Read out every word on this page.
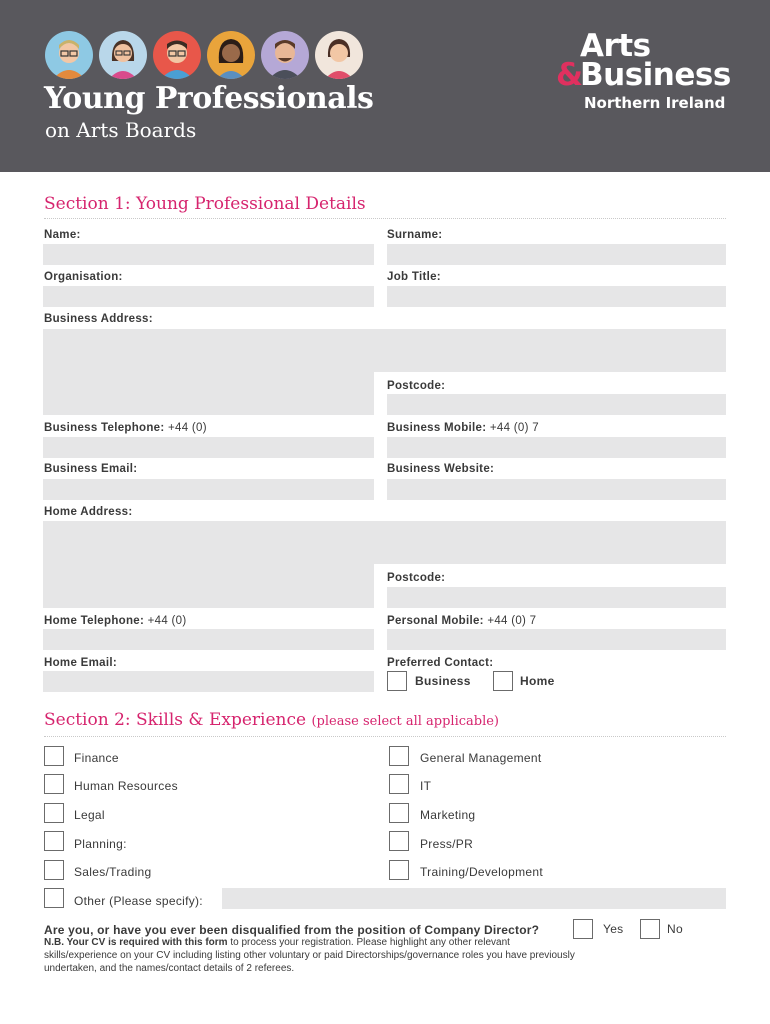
Young Professionals
on Arts Boards
Arts
&
Business
Northern Ireland
Section 1: Young Professional Details
Name:	Surname:
Organisation:	Job Title:
Business Address:
Postcode:
Business Telephone: +44 (0)	Business Mobile: +44 (0) 7
Business Email:	Business Website:
Home Address:
Postcode:
Home Telephone: +44 (0)	Personal Mobile: +44 (0) 7
Home Email:	Preferred Contact:
Business	Home
Section 2: Skills & Experience (please select all applicable)
Finance
Human Resources
Legal
Planning:
Sales/Trading
General Management
IT
Marketing
Press/PR
Training/Development
Other (Please specify):
Are you, or have you ever been disqualified from the position of Company Director?	Yes	No
N.B. Your CV is required with this form to process your registration. Please highlight any other relevant skills/experience on your CV including listing other voluntary or paid Directorships/governance roles you have previously undertaken, and the names/contact details of 2 referees.
